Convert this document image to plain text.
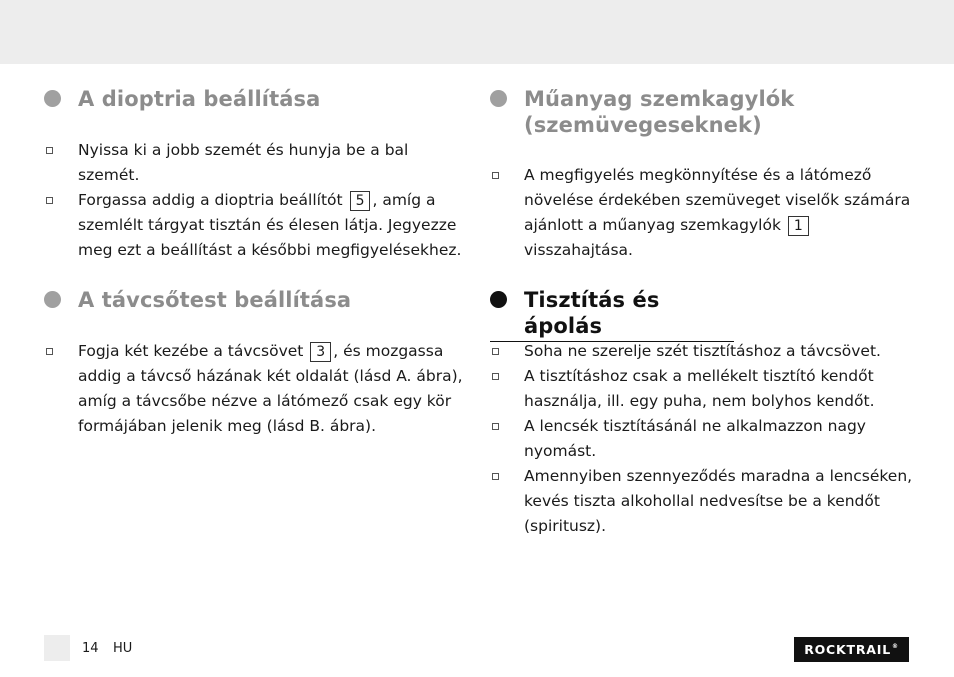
A dioptria beállítása
Nyissa ki a jobb szemét és hunyja be a bal szemét.
Forgassa addig a dioptria beállítót 5 , amíg a szemlélt tárgyat tisztán és élesen látja. Jegyezze meg ezt a beállítást a későbbi megfigyelésekhez.
A távcsőtest beállítása
Fogja két kezébe a távcsövet 3 , és mozgassa addig a távcső házának két oldalát (lásd A. ábra), amíg a távcsőbe nézve a látómező csak egy kör formájában jelenik meg (lásd B. ábra).
Műanyag szemkagylók (szemüvegeseknek)
A megfigyelés megkönnyítése és a látómező növelése érdekében szemüveget viselők számára ajánlott a műanyag szemkagylók 1 visszahajtása.
Tisztítás és ápolás
Soha ne szerelje szét tisztításhoz a távcsövet.
A tisztításhoz csak a mellékelt tisztító kendőt használja, ill. egy puha, nem bolyhos kendőt.
A lencsék tisztításánál ne alkalmazzon nagy nyomást.
Amennyiben szennyeződés maradna a lencséken, kevés tiszta alkohollal nedvesítse be a kendőt (spiritusz).
14 HU	ROCKTRAIL ®
